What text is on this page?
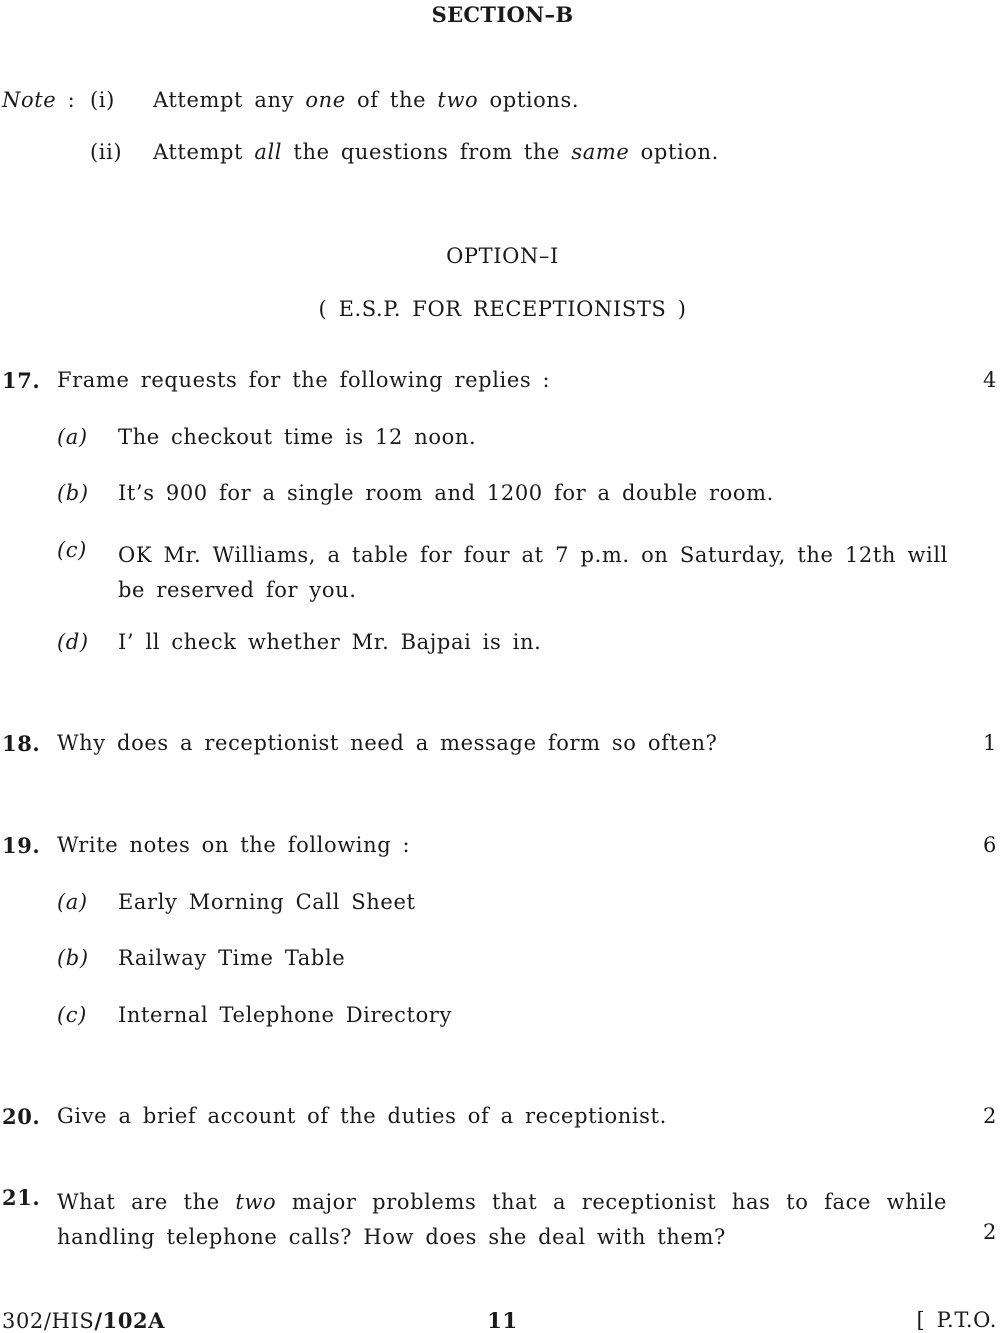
SECTION–B
Note : (i) Attempt any one of the two options.
(ii) Attempt all the questions from the same option.
OPTION–I
( E.S.P. FOR RECEPTIONISTS )
17. Frame requests for the following replies :	4
(a) The checkout time is 12 noon.
(b) It’s 900 for a single room and 1200 for a double room.
(c) OK Mr. Williams, a table for four at 7 p.m. on Saturday, the 12th will be reserved for you.
(d) I’ ll check whether Mr. Bajpai is in.
18. Why does a receptionist need a message form so often?	1
19. Write notes on the following :	6
(a) Early Morning Call Sheet
(b) Railway Time Table
(c) Internal Telephone Directory
20. Give a brief account of the duties of a receptionist.	2
21. What are the two major problems that a receptionist has to face while handling telephone calls? How does she deal with them?	2
302/HIS/102A	11	[ P.T.O.
